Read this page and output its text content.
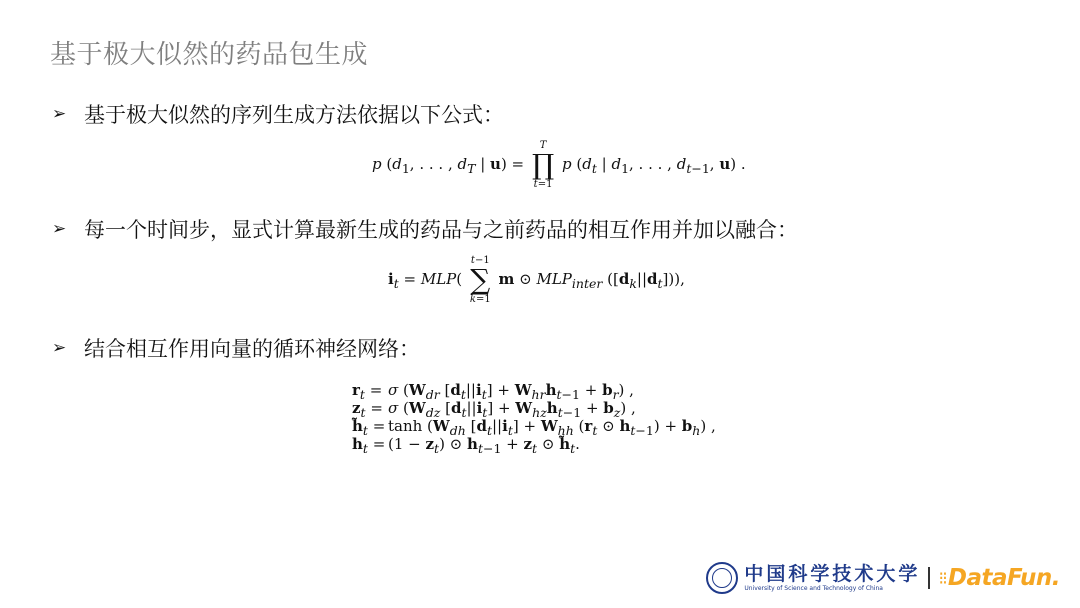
基于极大似然的药品包生成
➢ 基于极大似然的序列生成方法依据以下公式：
p ($d_1$, . . . , $d_T$ | u) =
T
∏
t=1
p ($d_t$ | $d_1$, . . . , $d_{t-1}$, u) .
➢ 每一个时间步，显式计算最新生成的药品与之前药品的相互作用并加以融合：
$i_t = MLP$(
t−1
∑
k=1
m ⊙ $MLP_{inter}$ $([d_k||d_t])$),
➢ 结合相互作用向量的循环神经网络：
$r_t = \sigma$ ($W_{dr}$ $[d_t||i_t] + W_{hr}h_{t-1} + b_r$) ,
$z_t = \sigma$ ($W_{dz}$ $[d_t||i_t] + W_{hz}h_{t-1} + b_z$) ,
$h̃_t = \tanh (W_{dh}$ $[d_t||i_t] + W_{hh}$ ($r_t$ ⊙ $h_{t-1}) + b_h$) ,
$h_t = (1 - z_t)$ ⊙ $h_{t-1} + z_t$ ⊙ $h̃_t$.
中国科学技术大学
University of Science and Technology of China	⁝⁝ DataFun.
